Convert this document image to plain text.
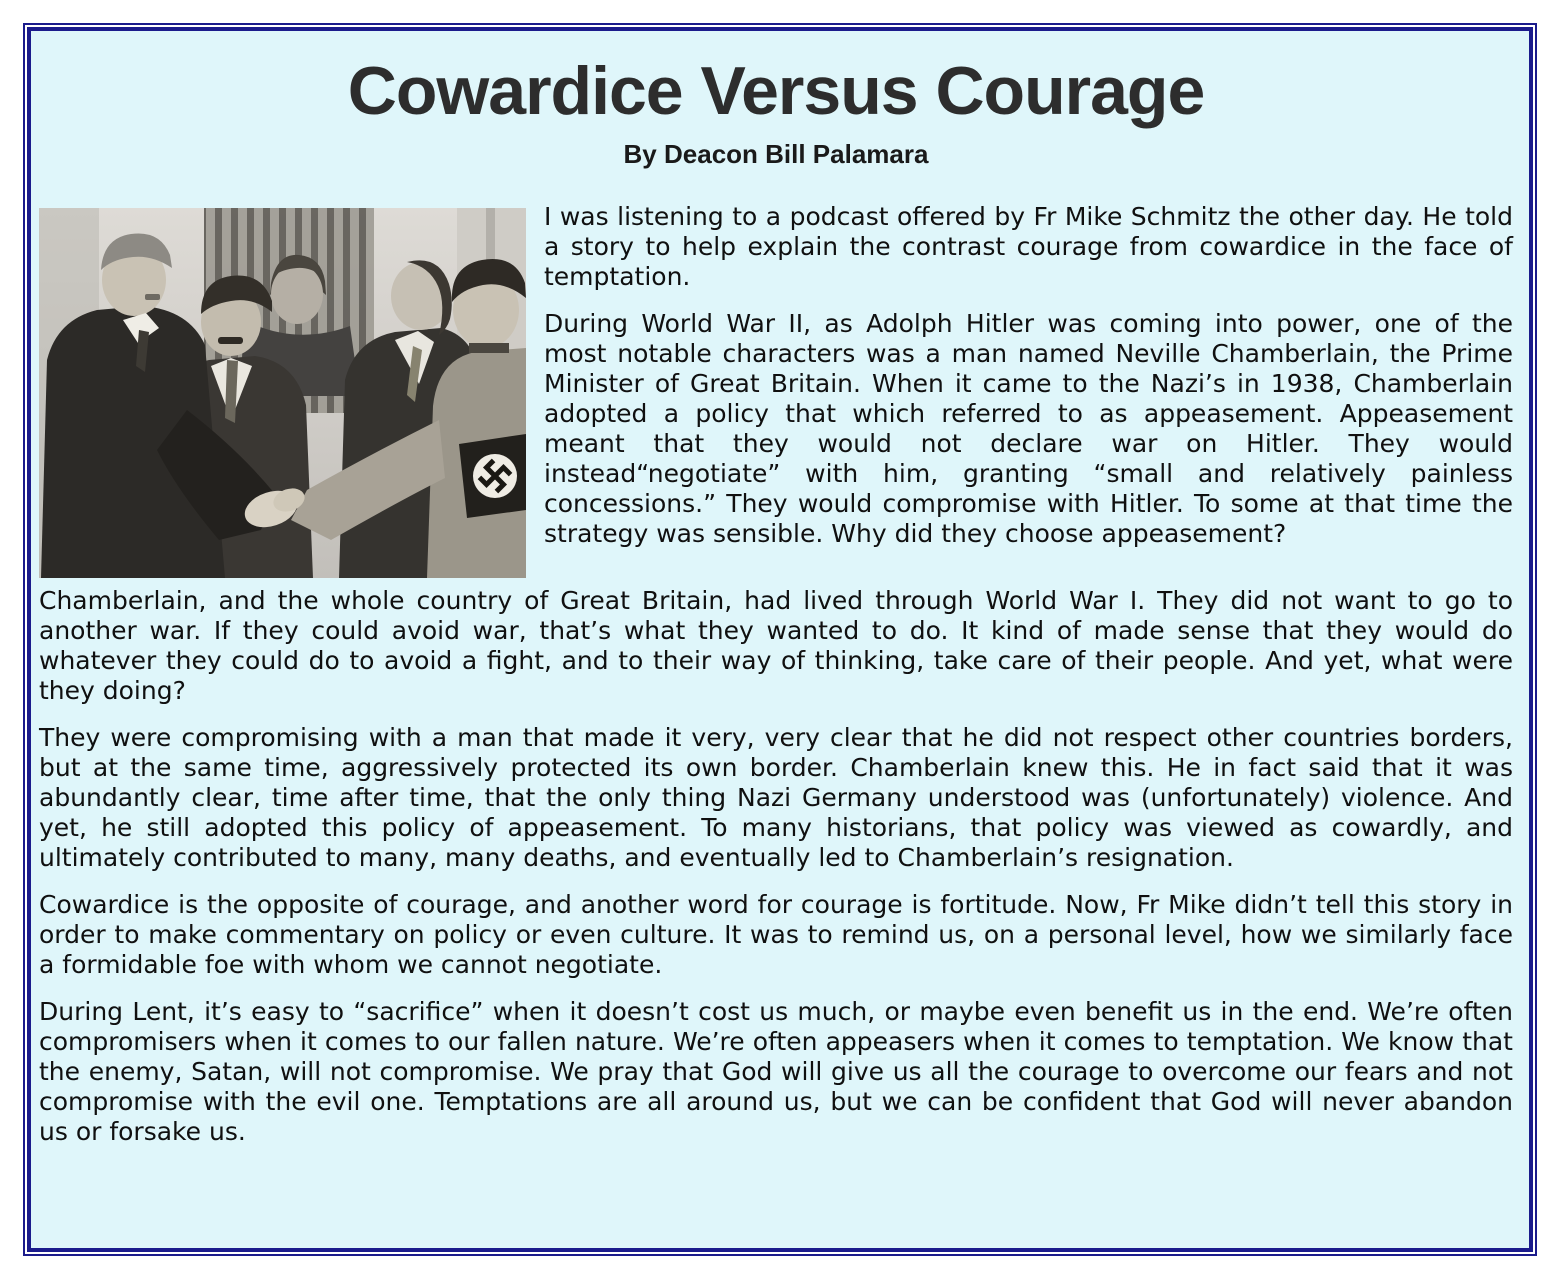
Cowardice Versus Courage
By Deacon Bill Palamara

I was listening to a podcast offered by Fr Mike Schmitz the other day. He told a story to help explain the contrast courage from cowardice in the face of temptation.

During World War II, as Adolph Hitler was coming into power, one of the most notable characters was a man named Neville Chamberlain, the Prime Minister of Great Britain. When it came to the Nazi’s in 1938, Chamberlain adopted a policy that which referred to as appeasement. Appeasement meant that they would not declare war on Hitler. They would instead“negotiate” with him, granting “small and relatively painless concessions.” They would compromise with Hitler. To some at that time the strategy was sensible. Why did they choose appeasement?

Chamberlain, and the whole country of Great Britain, had lived through World War I. They did not want to go to another war. If they could avoid war, that’s what they wanted to do. It kind of made sense that they would do whatever they could do to avoid a fight, and to their way of thinking, take care of their people. And yet, what were they doing?

They were compromising with a man that made it very, very clear that he did not respect other countries borders, but at the same time, aggressively protected its own border. Chamberlain knew this. He in fact said that it was abundantly clear, time after time, that the only thing Nazi Germany understood was (unfortunately) violence. And yet, he still adopted this policy of appeasement. To many historians, that policy was viewed as cowardly, and ultimately contributed to many, many deaths, and eventually led to Chamberlain’s resignation.

Cowardice is the opposite of courage, and another word for courage is fortitude. Now, Fr Mike didn’t tell this story in order to make commentary on policy or even culture. It was to remind us, on a personal level, how we similarly face a formidable foe with whom we cannot negotiate.

During Lent, it’s easy to “sacrifice” when it doesn’t cost us much, or maybe even benefit us in the end. We’re often compromisers when it comes to our fallen nature. We’re often appeasers when it comes to temptation. We know that the enemy, Satan, will not compromise. We pray that God will give us all the courage to overcome our fears and not compromise with the evil one. Temptations are all around us, but we can be confident that God will never abandon us or forsake us.
